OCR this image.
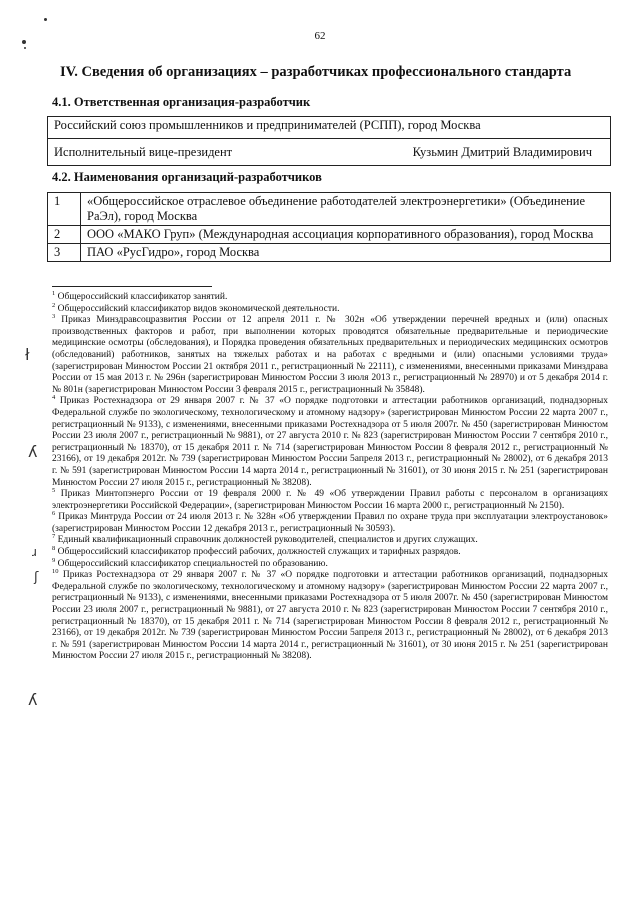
62
ł
ʎ
ɹ
ʃ
ʎ
IV. Сведения об организациях – разработчиках профессионального стандарта
4.1. Ответственная организация-разработчик
Российский союз промышленников и предпринимателей (РСПП), город Москва

Исполнительный вице-президент	Кузьмин Дмитрий Владимирович
4.2. Наименования организаций-разработчиков
1	«Общероссийское отраслевое объединение работодателей электроэнергетики» (Объединение РаЭл), город Москва
2	ООО «МАКО Груп» (Международная ассоциация корпоративного образования), город Москва
3	ПАО «РусГидро», город Москва

$^1$ Общероссийский классификатор занятий.

$^2$ Общероссийский классификатор видов экономической деятельности.

$^3$ Приказ Минздравсоцразвития России от 12 апреля 2011 г. № 302н «Об утверждении перечней вредных и (или) опасных производственных факторов и работ, при выполнении которых проводятся обязательные предварительные и периодические медицинские осмотры (обследования), и Порядка проведения обязательных предварительных и периодических медицинских осмотров (обследований) работников, занятых на тяжелых работах и на работах с вредными и (или) опасными условиями труда» (зарегистрирован Минюстом России 21 октября 2011 г., регистрационный № 22111), с изменениями, внесенными приказами Минздрава России от 15 мая 2013 г. № 296н (зарегистрирован Минюстом России 3 июля 2013 г., регистрационный № 28970) и от 5 декабря 2014 г. № 801н (зарегистрирован Минюстом России 3 февраля 2015 г., регистрационный № 35848).

$^4$ Приказ Ростехнадзора от 29 января 2007 г. № 37 «О порядке подготовки и аттестации работников организаций, поднадзорных Федеральной службе по экологическому, технологическому и атомному надзору» (зарегистрирован Минюстом России 22 марта 2007 г., регистрационный № 9133), с изменениями, внесенными приказами Ростехнадзора от 5 июля 2007г. № 450 (зарегистрирован Минюстом России 23 июля 2007 г., регистрационный № 9881), от 27 августа 2010 г. № 823 (зарегистрирован Минюстом России 7 сентября 2010 г., регистрационный № 18370), от 15 декабря 2011 г. № 714 (зарегистрирован Минюстом России 8 февраля 2012 г., регистрационный № 23166), от 19 декабря 2012г. № 739 (зарегистрирован Минюстом России 5апреля 2013 г., регистрационный № 28002), от 6 декабря 2013 г. № 591 (зарегистрирован Минюстом России 14 марта 2014 г., регистрационный № 31601), от 30 июня 2015 г. № 251 (зарегистрирован Минюстом России 27 июля 2015 г., регистрационный № 38208).

$^5$ Приказ Минтопэнерго России от 19 февраля 2000 г. № 49 «Об утверждении Правил работы с персоналом в организациях электроэнергетики Российской Федерации», (зарегистрирован Минюстом России 16 марта 2000 г., регистрационный № 2150).

$^6$ Приказ Минтруда России от 24 июля 2013 г. № 328н «Об утверждении Правил по охране труда при эксплуатации электроустановок» (зарегистрирован Минюстом России 12 декабря 2013 г., регистрационный № 30593).

$^7$ Единый квалификационный справочник должностей руководителей, специалистов и других служащих.

$^8$ Общероссийский классификатор профессий рабочих, должностей служащих и тарифных разрядов.

$^9$ Общероссийский классификатор специальностей по образованию.

$^{10}$ Приказ Ростехнадзора от 29 января 2007 г. № 37 «О порядке подготовки и аттестации работников организаций, поднадзорных Федеральной службе по экологическому, технологическому и атомному надзору» (зарегистрирован Минюстом России 22 марта 2007 г., регистрационный № 9133), с изменениями, внесенными приказами Ростехнадзора от 5 июля 2007г. № 450 (зарегистрирован Минюстом России 23 июля 2007 г., регистрационный № 9881), от 27 августа 2010 г. № 823 (зарегистрирован Минюстом России 7 сентября 2010 г., регистрационный № 18370), от 15 декабря 2011 г. № 714 (зарегистрирован Минюстом России 8 февраля 2012 г., регистрационный № 23166), от 19 декабря 2012г. № 739 (зарегистрирован Минюстом России 5апреля 2013 г., регистрационный № 28002), от 6 декабря 2013 г. № 591 (зарегистрирован Минюстом России 14 марта 2014 г., регистрационный № 31601), от 30 июня 2015 г. № 251 (зарегистрирован Минюстом России 27 июля 2015 г., регистрационный № 38208).
